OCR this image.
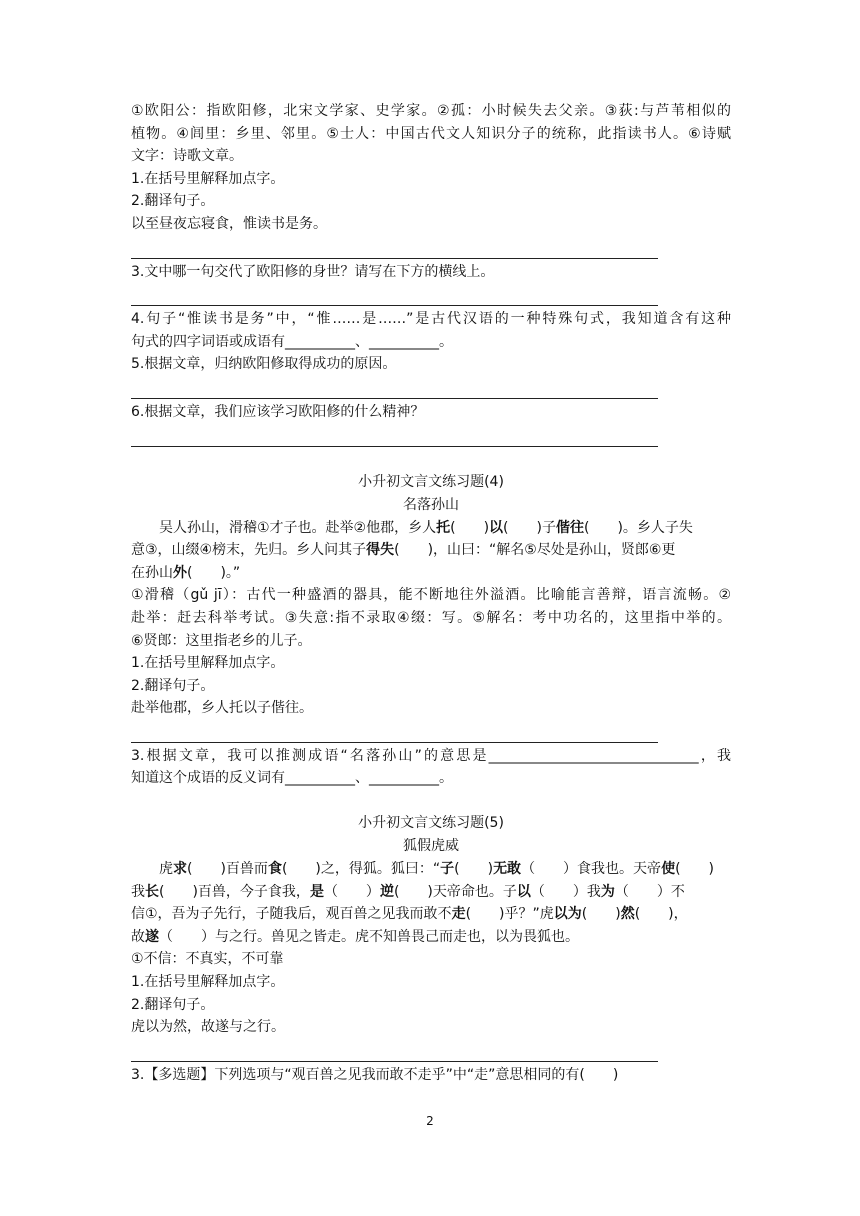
①欧阳公：指欧阳修，北宋文学家、史学家。②孤：小时候失去父亲。③荻:与芦苇相似的
植物。④闾里：乡里、邻里。⑤士人：中国古代文人知识分子的统称，此指读书人。⑥诗赋
文字：诗歌文章。
1.在括号里解释加点字。
2.翻译句子。
以至昼夜忘寝食，惟读书是务。
3.文中哪一句交代了欧阳修的身世？请写在下方的横线上。
4.句子“惟读书是务”中，“惟……是……”是古代汉语的一种特殊句式，我知道含有这种
句式的四字词语或成语有__________、__________。
5.根据文章，归纳欧阳修取得成功的原因。
6.根据文章，我们应该学习欧阳修的什么精神？
小升初文言文练习题(4)
名落孙山
吴人孙山，滑稽①才子也。赴举②他郡，乡人托(　　)以(　　)子偕往(　　)。乡人子失
意③，山缀④榜末，先归。乡人问其子得失(　　)，山曰：“解名⑤尽处是孙山，贤郎⑥更
在孙山外(　　)。”
①滑稽（gǔ jī）：古代一种盛酒的器具，能不断地往外溢酒。比喻能言善辩，语言流畅。②
赴举：赶去科举考试。③失意:指不录取④缀：写。⑤解名：考中功名的，这里指中举的。
⑥贤郎：这里指老乡的儿子。
1.在括号里解释加点字。
2.翻译句子。
赴举他郡，乡人托以子偕往。
3.根据文章，我可以推测成语“名落孙山”的意思是______________________________，我
知道这个成语的反义词有__________、__________。
小升初文言文练习题(5)
狐假虎威
虎求(　　)百兽而食(　　)之，得狐。狐曰：“子(　　)无敢（　　）食我也。天帝使(　　)
我长(　　)百兽，今子食我，是（　　）逆(　　)天帝命也。子以（　　）我为（　　）不
信①，吾为子先行，子随我后，观百兽之见我而敢不走(　　)乎？”虎以为(　　)然(　　)，
故遂（　　）与之行。兽见之皆走。虎不知兽畏己而走也，以为畏狐也。
①不信：不真实，不可靠
1.在括号里解释加点字。
2.翻译句子。
虎以为然，故遂与之行。
3.【多选题】下列选项与“观百兽之见我而敢不走乎”中“走”意思相同的有(　　)
2
